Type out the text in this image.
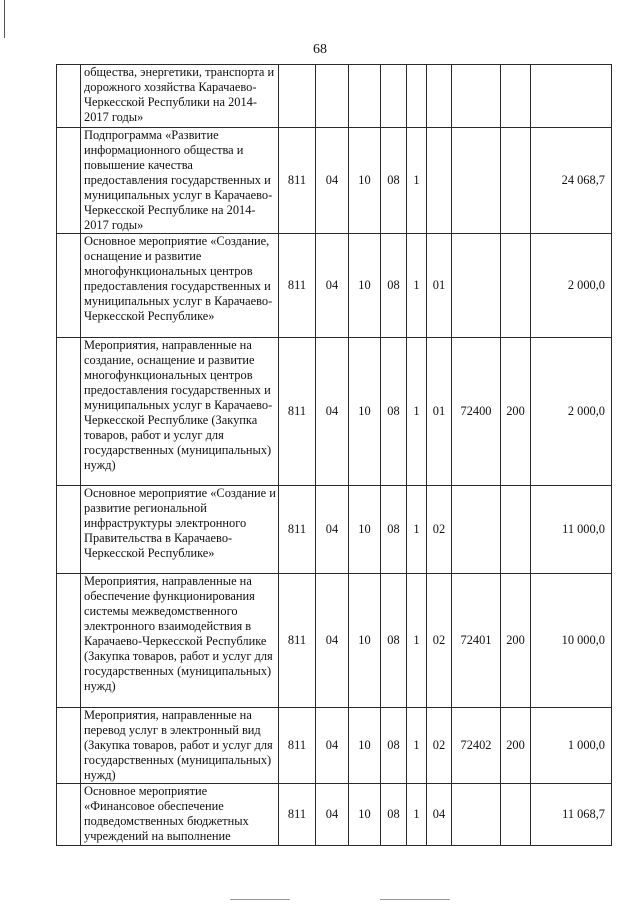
68
	общества, энергетики, транспорта и дорожного хозяйства Карачаево-Черкесской Республики на 2014-2017 годы»									
	Подпрограмма «Развитие информационного общества и повышение качества предоставления государственных и муниципальных услуг в Карачаево-Черкесской Республике на 2014-2017 годы»	811	04	10	08	1				24 068,7
	Основное мероприятие «Создание, оснащение и развитие многофункциональных центров предоставления государственных и муниципальных услуг в Карачаево-Черкесской Республике»	811	04	10	08	1	01			2 000,0
	Мероприятия, направленные на создание, оснащение и развитие многофункциональных центров предоставления государственных и муниципальных услуг в Карачаево-Черкесской Республике (Закупка товаров, работ и услуг для государственных (муниципальных) нужд)	811	04	10	08	1	01	72400	200	2 000,0
	Основное мероприятие «Создание и развитие региональной инфраструктуры электронного Правительства в Карачаево-Черкесской Республике»	811	04	10	08	1	02			11 000,0
	Мероприятия, направленные на обеспечение функционирования системы межведомственного электронного взаимодействия в Карачаево-Черкесской Республике (Закупка товаров, работ и услуг для государственных (муниципальных) нужд)	811	04	10	08	1	02	72401	200	10 000,0
	Мероприятия, направленные на перевод услуг в электронный вид (Закупка товаров, работ и услуг для государственных (муниципальных) нужд)	811	04	10	08	1	02	72402	200	1 000,0
	Основное мероприятие «Финансовое обеспечение подведомственных бюджетных учреждений на выполнение	811	04	10	08	1	04			11 068,7
